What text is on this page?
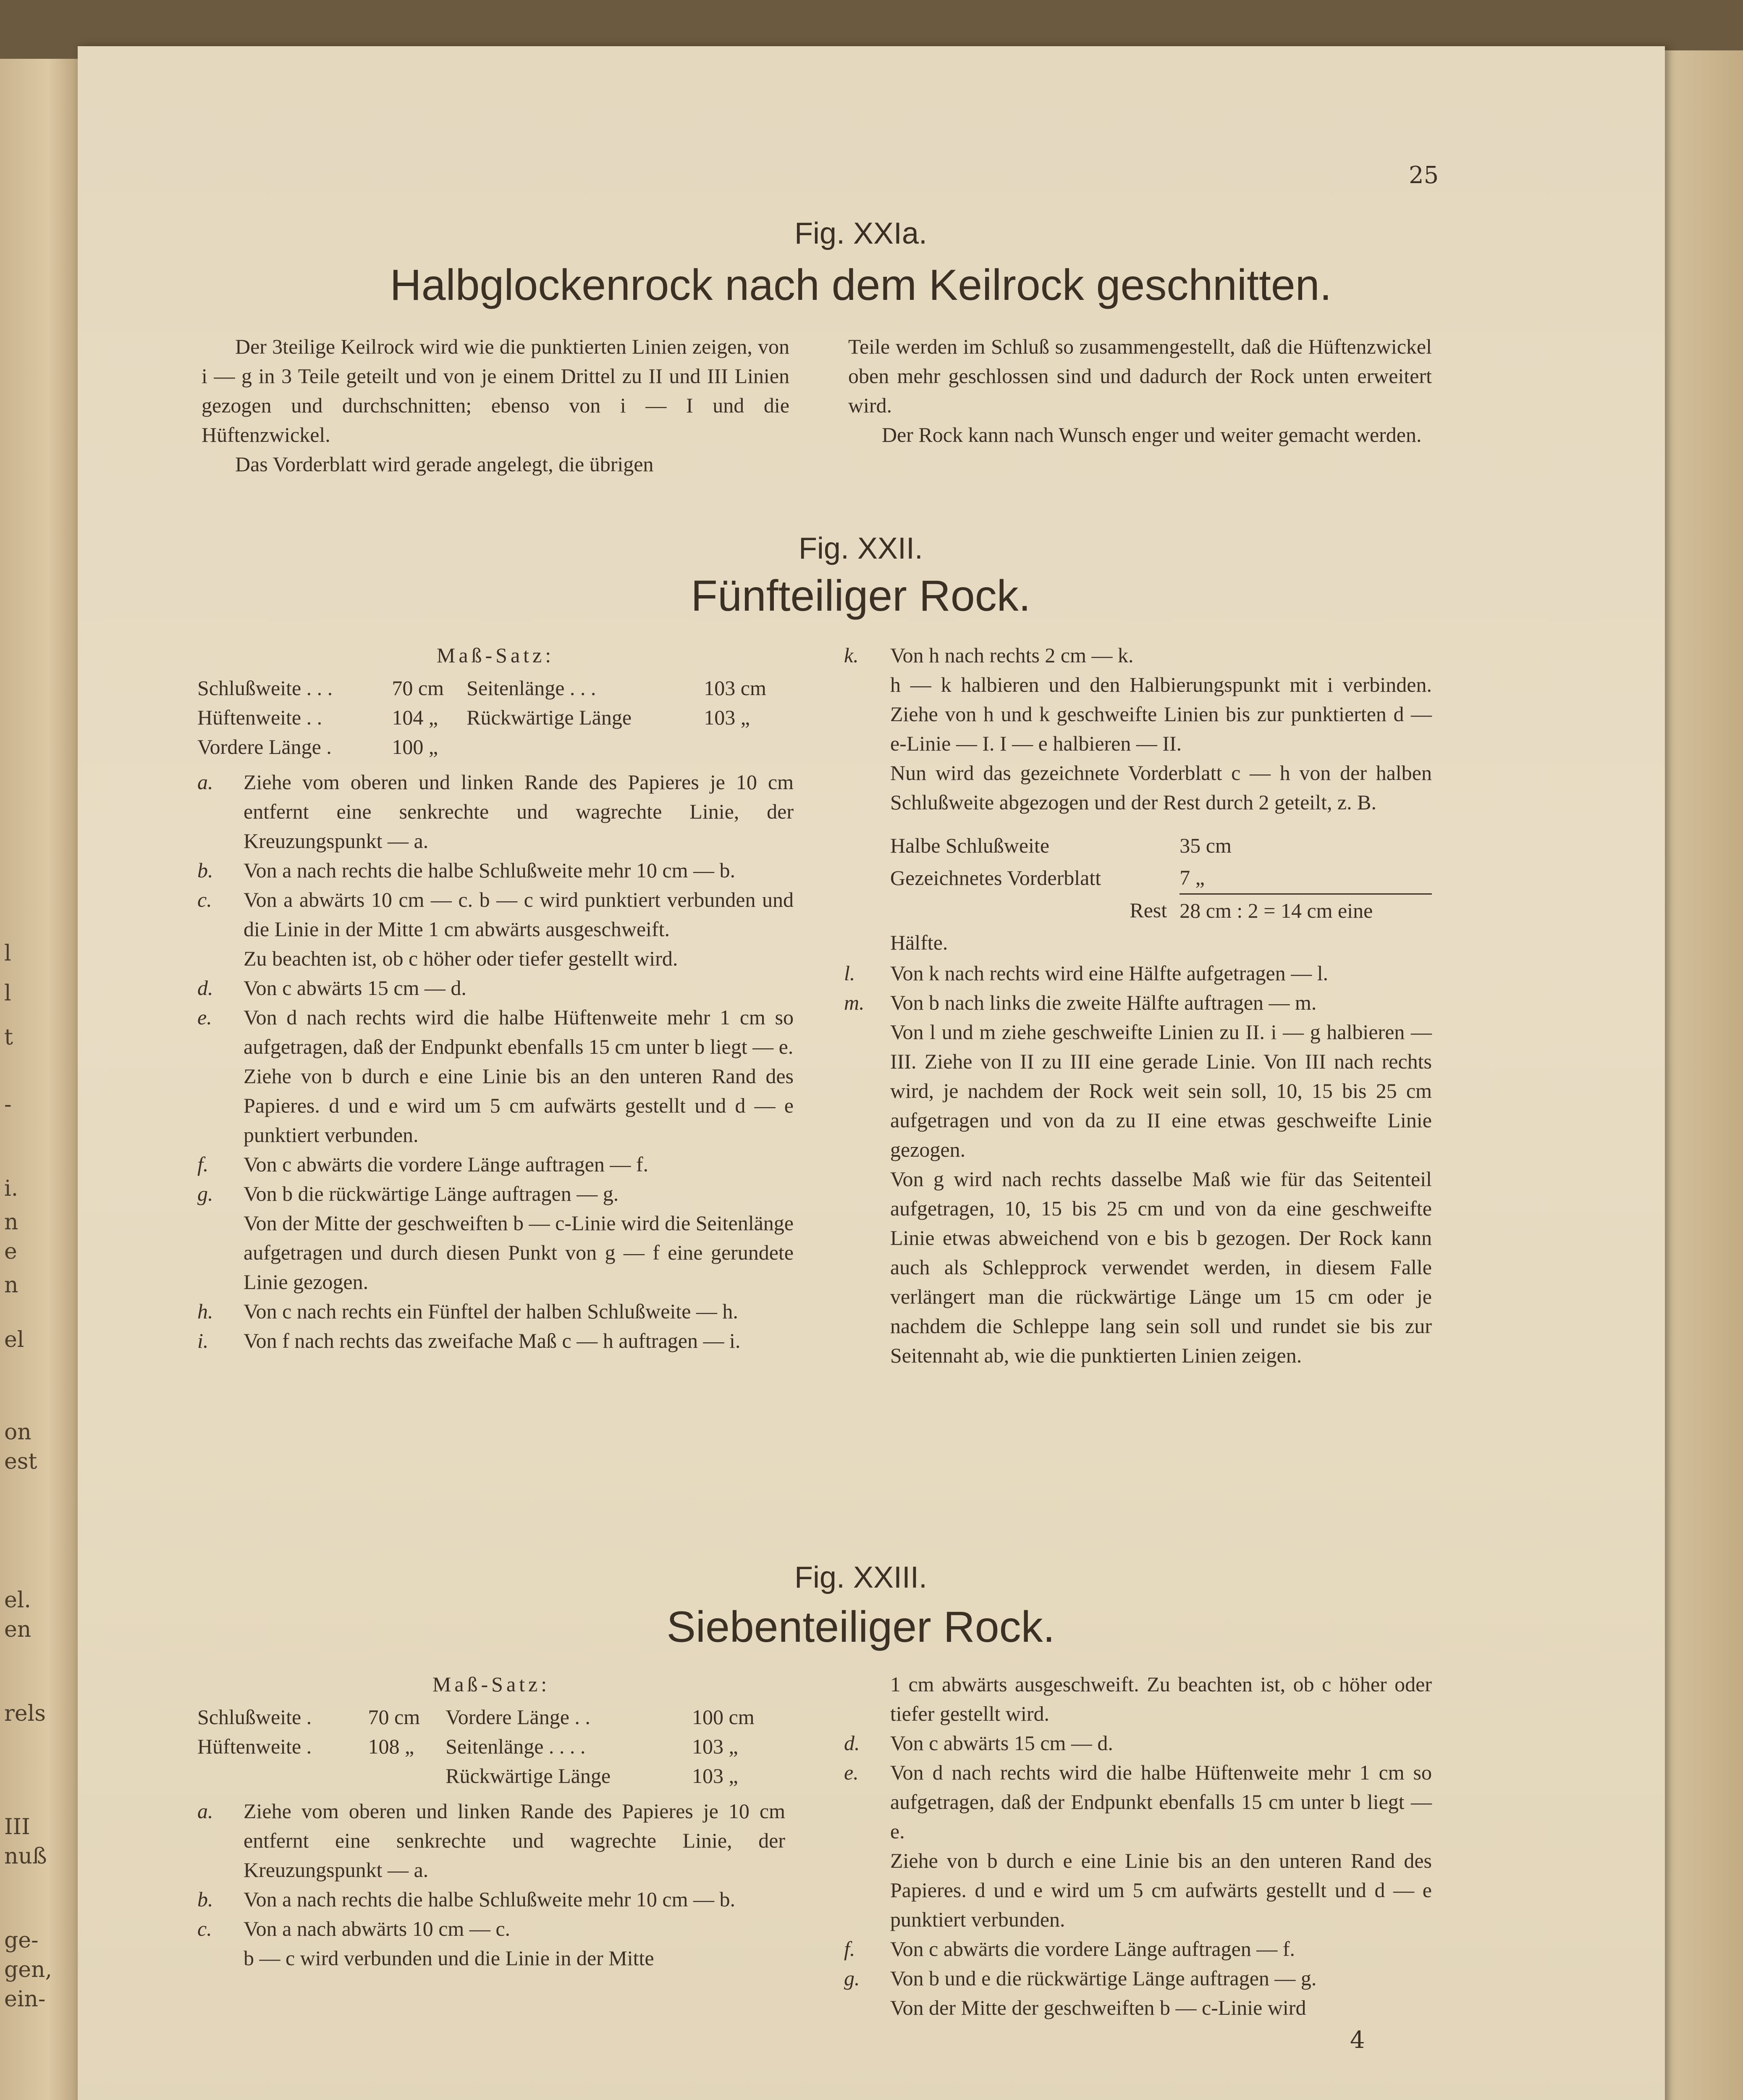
l
l
t
-
i.
n
e
n
el
on
est
el.
en
rels
III
nuß
ge-
gen,
ein-
25
Fig. XXIa.
Halbglockenrock nach dem Keilrock geschnitten.

Der 3teilige Keilrock wird wie die punktierten Linien zeigen, von i — g in 3 Teile geteilt und von je einem Drittel zu II und III Linien gezogen und durchschnitten; ebenso von i — I und die Hüftenzwickel.

Das Vorderblatt wird gerade angelegt, die übrigen

Teile werden im Schluß so zusammengestellt, daß die Hüftenzwickel oben mehr geschlossen sind und dadurch der Rock unten erweitert wird.

Der Rock kann nach Wunsch enger und weiter gemacht werden.

Fig. XXII.
Fünfteiliger Rock.

Maß-Satz:

Schlußweite . . .	70 cm	Seitenlänge . . .	103 cm
Hüftenweite . .	104 „	Rückwärtige Länge	103 „
Vordere Länge .	100 „		
a.	Ziehe vom oberen und linken Rande des Papieres je 10 cm entfernt eine senkrechte und wagrechte Linie, der Kreuzungspunkt — a.
b.	Von a nach rechts die halbe Schlußweite mehr 10 cm — b.
c.	Von a abwärts 10 cm — c. b — c wird punktiert verbunden und die Linie in der Mitte 1 cm abwärts ausgeschweift.
Zu beachten ist, ob c höher oder tiefer gestellt wird.
d.	Von c abwärts 15 cm — d.
e.	Von d nach rechts wird die halbe Hüftenweite mehr 1 cm so aufgetragen, daß der Endpunkt ebenfalls 15 cm unter b liegt — e.
Ziehe von b durch e eine Linie bis an den unteren Rand des Papieres. d und e wird um 5 cm aufwärts gestellt und d — e punktiert verbunden.
f.	Von c abwärts die vordere Länge auftragen — f.
g.	Von b die rückwärtige Länge auftragen — g.
Von der Mitte der geschweiften b — c-Linie wird die Seitenlänge aufgetragen und durch diesen Punkt von g — f eine gerundete Linie gezogen.
h.	Von c nach rechts ein Fünftel der halben Schlußweite — h.
i.	Von f nach rechts das zweifache Maß c — h auftragen — i.
k.	Von h nach rechts 2 cm — k.
h — k halbieren und den Halbierungspunkt mit i verbinden. Ziehe von h und k geschweifte Linien bis zur punktierten d — e-Linie — I. I — e halbieren — II.
Nun wird das gezeichnete Vorderblatt c — h von der halben Schlußweite abgezogen und der Rest durch 2 geteilt, z. B.
Halbe Schlußweite	35 cm
Gezeichnetes Vorderblatt	7 „
Rest	28 cm : 2 = 14 cm eine
Hälfte.	
l.	Von k nach rechts wird eine Hälfte aufgetragen — l.
m.	Von b nach links die zweite Hälfte auftragen — m.
Von l und m ziehe geschweifte Linien zu II. i — g halbieren — III. Ziehe von II zu III eine gerade Linie. Von III nach rechts wird, je nachdem der Rock weit sein soll, 10, 15 bis 25 cm aufgetragen und von da zu II eine etwas geschweifte Linie gezogen.
Von g wird nach rechts dasselbe Maß wie für das Seitenteil aufgetragen, 10, 15 bis 25 cm und von da eine geschweifte Linie etwas abweichend von e bis b gezogen. Der Rock kann auch als Schlepprock verwendet werden, in diesem Falle verlängert man die rückwärtige Länge um 15 cm oder je nachdem die Schleppe lang sein soll und rundet sie bis zur Seitennaht ab, wie die punktierten Linien zeigen.
Fig. XXIII.
Siebenteiliger Rock.

Maß-Satz:

Schlußweite .	70 cm	Vordere Länge . .	100 cm
Hüftenweite .	108 „	Seitenlänge . . . .	103 „
		Rückwärtige Länge	103 „
a.	Ziehe vom oberen und linken Rande des Papieres je 10 cm entfernt eine senkrechte und wagrechte Linie, der Kreuzungspunkt — a.
b.	Von a nach rechts die halbe Schlußweite mehr 10 cm — b.
c.	Von a nach abwärts 10 cm — c.
b — c wird verbunden und die Linie in der Mitte
1 cm abwärts ausgeschweift. Zu beachten ist, ob c höher oder tiefer gestellt wird.
d.	Von c abwärts 15 cm — d.
e.	Von d nach rechts wird die halbe Hüftenweite mehr 1 cm so aufgetragen, daß der Endpunkt ebenfalls 15 cm unter b liegt — e.
Ziehe von b durch e eine Linie bis an den unteren Rand des Papieres. d und e wird um 5 cm aufwärts gestellt und d — e punktiert verbunden.
f.	Von c abwärts die vordere Länge auftragen — f.
g.	Von b und e die rückwärtige Länge auftragen — g.
Von der Mitte der geschweiften b — c-Linie wird
4
